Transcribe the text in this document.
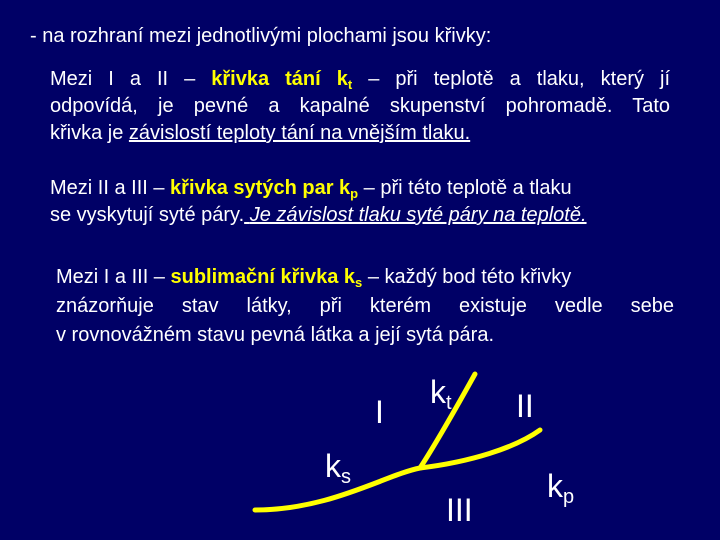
- na rozhraní mezi jednotlivými plochami jsou křivky:
Mezi I a II – křivka tání $k_t$ – při teplotě a tlaku, který jí
odpovídá, je pevné a kapalné skupenství pohromadě. Tato
křivka je závislostí teploty tání na vnějším tlaku.
Mezi II a III – křivka sytých par $k_p$ – při této teplotě a tlaku
se vyskytují syté páry. Je závislost tlaku syté páry na teplotě.
Mezi I a III – sublimační křivka $k_s$ – každý bod této křivky
znázorňuje stav látky, při kterém existuje vedle sebe
v rovnovážném stavu pevná látka a její sytá pára.
I	II
III
$k_t$
$k_s$	$k_p$
